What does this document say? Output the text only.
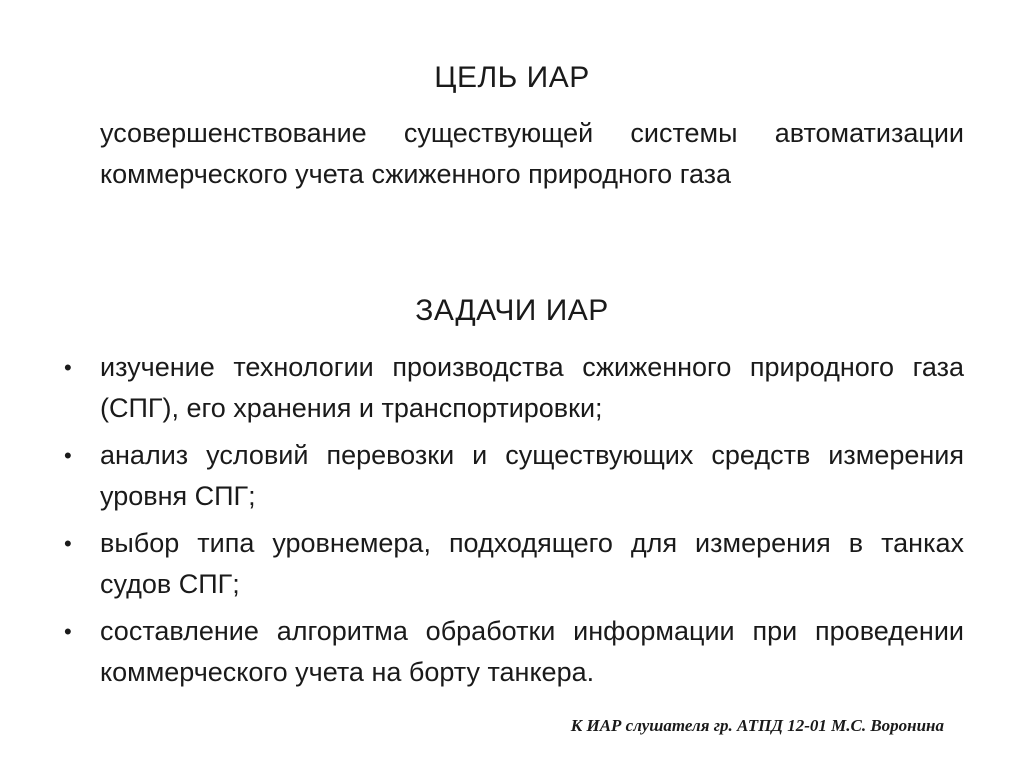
ЦЕЛЬ ИАР
усовершенствование существующей системы автоматизации коммерческого учета сжиженного природного газа
ЗАДАЧИ ИАР
• изучение технологии производства сжиженного природного газа (СПГ), его хранения и транспортировки;
• анализ условий перевозки и существующих средств измерения уровня СПГ;
• выбор типа уровнемера, подходящего для измерения в танках судов СПГ;
• составление алгоритма обработки информации при проведении коммерческого учета на борту танкера.
К ИАР слушателя гр. АТПД 12-01 М.С. Воронина
